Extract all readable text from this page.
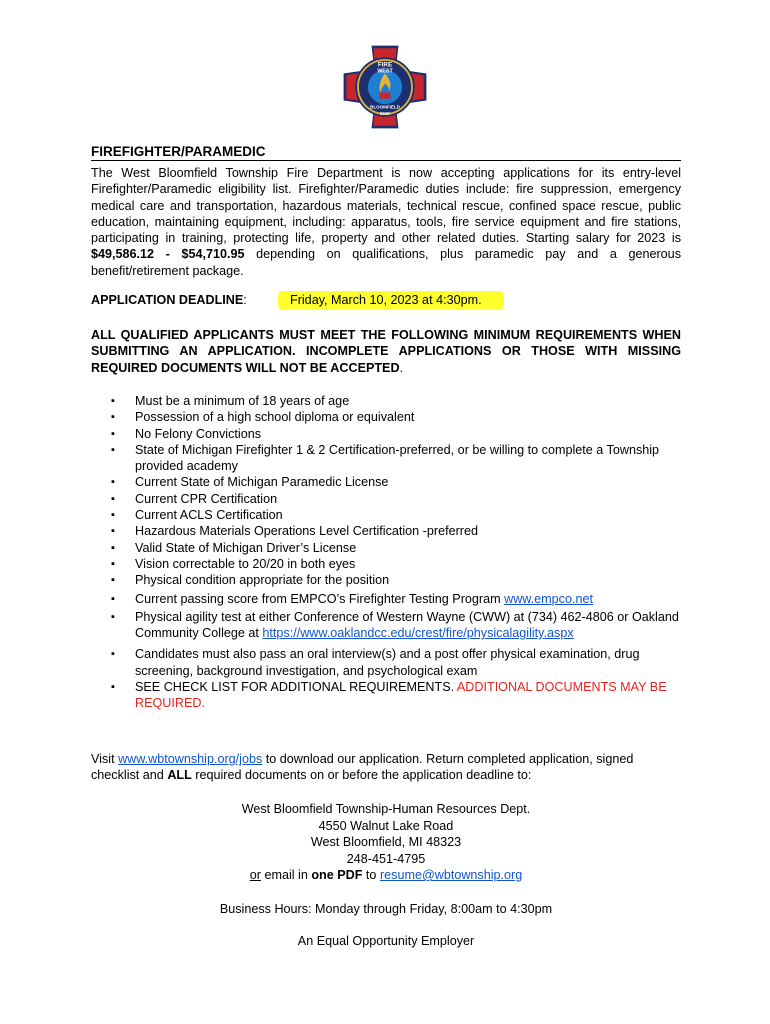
FIRE
WEST
BLOOMFIELD
EMS
FIREFIGHTER/PARAMEDIC
The West Bloomfield Township Fire Department is now accepting applications for its entry-level Firefighter/Paramedic eligibility list. Firefighter/Paramedic duties include: fire suppression, emergency medical care and transportation, hazardous materials, technical rescue, confined space rescue, public education, maintaining equipment, including: apparatus, tools, fire service equipment and fire stations, participating in training, protecting life, property and other related duties. Starting salary for 2023 is $49,586.12 - $54,710.95 depending on qualifications, plus paramedic pay and a generous benefit/retirement package.
APPLICATION DEADLINE:	Friday, March 10, 2023 at 4:30pm.
ALL QUALIFIED APPLICANTS MUST MEET THE FOLLOWING MINIMUM REQUIREMENTS WHEN SUBMITTING AN APPLICATION. INCOMPLETE APPLICATIONS OR THOSE WITH MISSING REQUIRED DOCUMENTS WILL NOT BE ACCEPTED.
▪ Must be a minimum of 18 years of age
▪ Possession of a high school diploma or equivalent
▪ No Felony Convictions
▪ State of Michigan Firefighter 1 & 2 Certification-preferred, or be willing to complete a Township provided academy
▪ Current State of Michigan Paramedic License
▪ Current CPR Certification
▪ Current ACLS Certification
▪ Hazardous Materials Operations Level Certification -preferred
▪ Valid State of Michigan Driver’s License
▪ Vision correctable to 20/20 in both eyes
▪ Physical condition appropriate for the position
▪ Current passing score from EMPCO’s Firefighter Testing Program www.empco.net
▪ Physical agility test at either Conference of Western Wayne (CWW) at (734) 462-4806 or Oakland Community College at https://www.oaklandcc.edu/crest/fire/physicalagility.aspx
▪ Candidates must also pass an oral interview(s) and a post offer physical examination, drug screening, background investigation, and psychological exam
▪ SEE CHECK LIST FOR ADDITIONAL REQUIREMENTS. ADDITIONAL DOCUMENTS MAY BE REQUIRED.
Visit www.wbtownship.org/jobs to download our application. Return completed application, signed checklist and ALL required documents on or before the application deadline to:
West Bloomfield Township-Human Resources Dept.
4550 Walnut Lake Road
West Bloomfield, MI 48323
248-451-4795
or email in one PDF to resume@wbtownship.org
Business Hours: Monday through Friday, 8:00am to 4:30pm
An Equal Opportunity Employer
